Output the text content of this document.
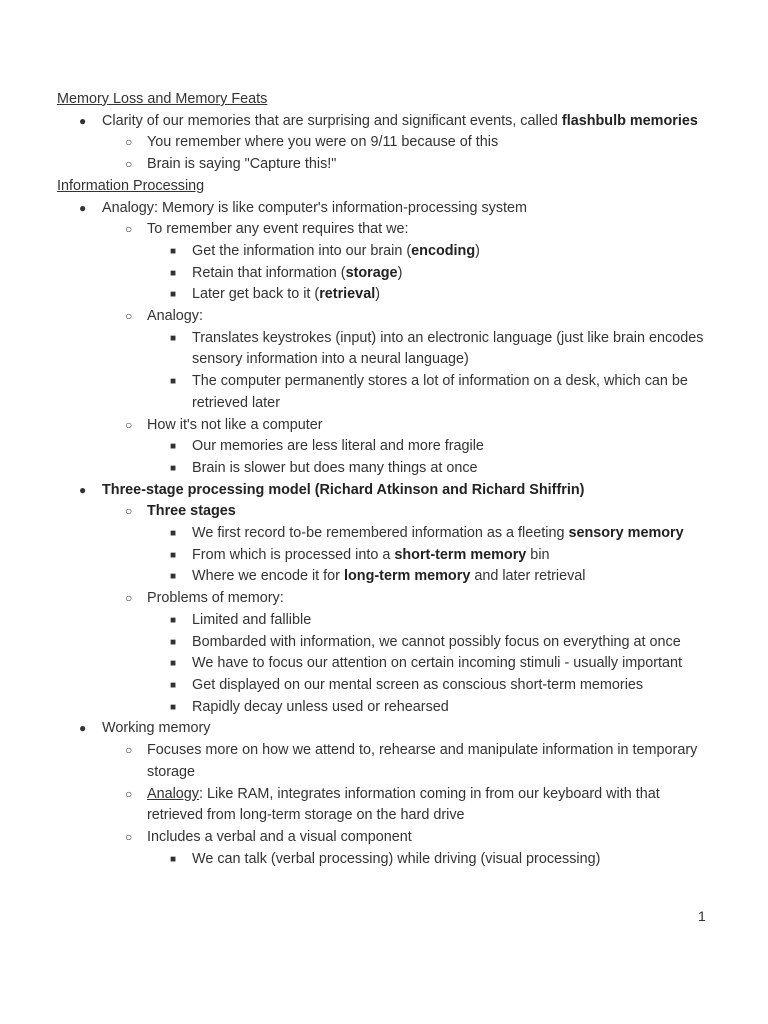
Memory Loss and Memory Feats
● Clarity of our memories that are surprising and significant events, called flashbulb memories
○ You remember where you were on 9/11 because of this
○ Brain is saying "Capture this!"
Information Processing
● Analogy: Memory is like computer's information-processing system
○ To remember any event requires that we:
■ Get the information into our brain (encoding)
■ Retain that information (storage)
■ Later get back to it (retrieval)
○ Analogy:
■ Translates keystrokes (input) into an electronic language (just like brain encodes sensory information into a neural language)
■ The computer permanently stores a lot of information on a desk, which can be retrieved later
○ How it's not like a computer
■ Our memories are less literal and more fragile
■ Brain is slower but does many things at once
● Three-stage processing model (Richard Atkinson and Richard Shiffrin)
○ Three stages
■ We first record to-be remembered information as a fleeting sensory memory
■ From which is processed into a short-term memory bin
■ Where we encode it for long-term memory and later retrieval
○ Problems of memory:
■ Limited and fallible
■ Bombarded with information, we cannot possibly focus on everything at once
■ We have to focus our attention on certain incoming stimuli - usually important
■ Get displayed on our mental screen as conscious short-term memories
■ Rapidly decay unless used or rehearsed
● Working memory
○ Focuses more on how we attend to, rehearse and manipulate information in temporary storage
○ Analogy: Like RAM, integrates information coming in from our keyboard with that retrieved from long-term storage on the hard drive
○ Includes a verbal and a visual component
■ We can talk (verbal processing) while driving (visual processing)
1
